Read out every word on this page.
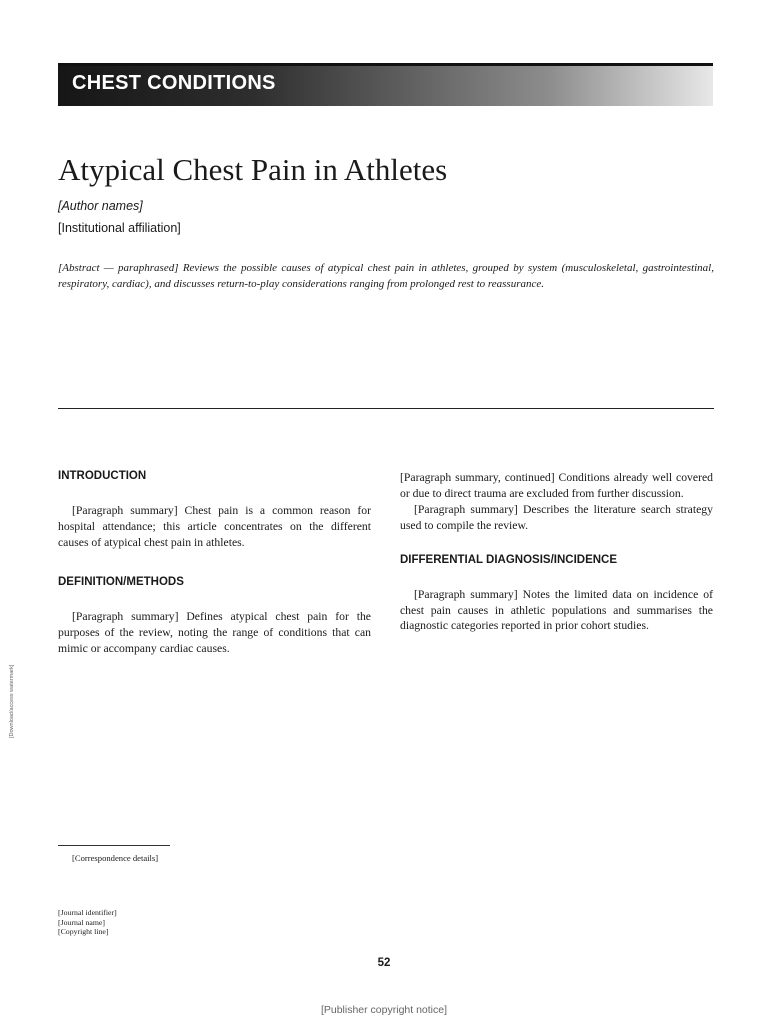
CHEST CONDITIONS
Atypical Chest Pain in Athletes
[Author names]
[Institutional affiliation]

[Abstract — paraphrased] Reviews the possible causes of atypical chest pain in athletes, grouped by system (musculoskeletal, gastrointestinal, respiratory, cardiac), and discusses return-to-play considerations ranging from prolonged rest to reassurance.

[Download/access watermark]
INTRODUCTION

[Paragraph summary] Chest pain is a common reason for hospital attendance; this article concentrates on the different causes of atypical chest pain in athletes.

DEFINITION/METHODS

[Paragraph summary] Defines atypical chest pain for the purposes of the review, noting the range of conditions that can mimic or accompany cardiac causes.

[Paragraph summary, continued] Conditions already well covered or due to direct trauma are excluded from further discussion.

[Paragraph summary] Describes the literature search strategy used to compile the review.

DIFFERENTIAL DIAGNOSIS/INCIDENCE

[Paragraph summary] Notes the limited data on incidence of chest pain causes in athletic populations and summarises the diagnostic categories reported in prior cohort studies.

[Correspondence details]

[Journal identifier]
[Journal name]
[Copyright line]
52
[Publisher copyright notice]
